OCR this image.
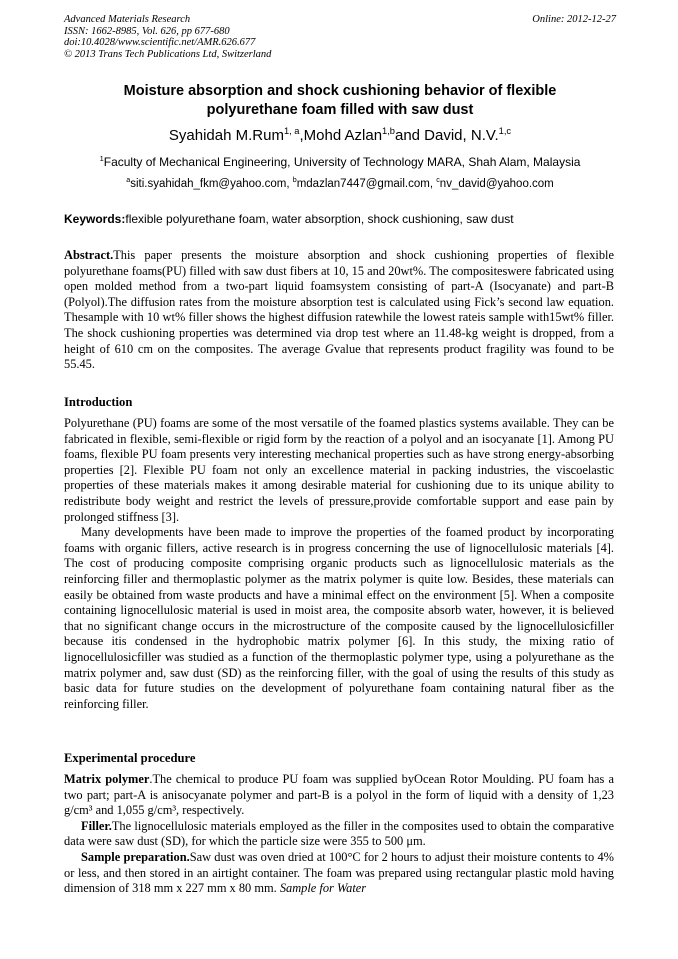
Advanced Materials Research
ISSN: 1662-8985, Vol. 626, pp 677-680
doi:10.4028/www.scientific.net/AMR.626.677
© 2013 Trans Tech Publications Ltd, Switzerland
Online: 2012-12-27
Moisture absorption and shock cushioning behavior of flexible
polyurethane foam filled with saw dust
Syahidah M.Rum$^{1, a}$,Mohd Azlan$^{1,b}$and David, N.V.$^{1,c}$
$^1$Faculty of Mechanical Engineering, University of Technology MARA, Shah Alam, Malaysia
$^a$siti.syahidah_fkm@yahoo.com, $^b$mdazlan7447@gmail.com, $^c$nv_david@yahoo.com
Keywords:flexible polyurethane foam, water absorption, shock cushioning, saw dust

Abstract.This paper presents the moisture absorption and shock cushioning properties of flexible polyurethane foams(PU) filled with saw dust fibers at 10, 15 and 20wt%. The compositeswere fabricated using open molded method from a two-part liquid foamsystem consisting of part-A (Isocyanate) and part-B (Polyol).The diffusion rates from the moisture absorption test is calculated using Fick’s second law equation. Thesample with 10 wt% filler shows the highest diffusion ratewhile the lowest rateis sample with15wt% filler. The shock cushioning properties was determined via drop test where an 11.48-kg weight is dropped, from a height of 610 cm on the composites. The average Gvalue that represents product fragility was found to be 55.45.

Introduction

Polyurethane (PU) foams are some of the most versatile of the foamed plastics systems available. They can be fabricated in flexible, semi-flexible or rigid form by the reaction of a polyol and an isocyanate [1]. Among PU foams, flexible PU foam presents very interesting mechanical properties such as have strong energy-absorbing properties [2]. Flexible PU foam not only an excellence material in packing industries, the viscoelastic properties of these materials makes it among desirable material for cushioning due to its unique ability to redistribute body weight and restrict the levels of pressure,provide comfortable support and ease pain by prolonged stiffness [3].

Many developments have been made to improve the properties of the foamed product by incorporating foams with organic fillers, active research is in progress concerning the use of lignocellulosic materials [4]. The cost of producing composite comprising organic products such as lignocellulosic materials as the reinforcing filler and thermoplastic polymer as the matrix polymer is quite low. Besides, these materials can easily be obtained from waste products and have a minimal effect on the environment [5]. When a composite containing lignocellulosic material is used in moist area, the composite absorb water, however, it is believed that no significant change occurs in the microstructure of the composite caused by the lignocellulosicfiller because itis condensed in the hydrophobic matrix polymer [6]. In this study, the mixing ratio of lignocellulosicfiller was studied as a function of the thermoplastic polymer type, using a polyurethane as the matrix polymer and, saw dust (SD) as the reinforcing filler, with the goal of using the results of this study as basic data for future studies on the development of polyurethane foam containing natural fiber as the reinforcing filler.

Experimental procedure

Matrix polymer.The chemical to produce PU foam was supplied byOcean Rotor Moulding. PU foam has a two part; part-A is anisocyanate polymer and part-B is a polyol in the form of liquid with a density of 1,23 g/cm³ and 1,055 g/cm³, respectively.

Filler.The lignocellulosic materials employed as the filler in the composites used to obtain the comparative data were saw dust (SD), for which the particle size were 355 to 500 μm.

Sample preparation.Saw dust was oven dried at 100°C for 2 hours to adjust their moisture contents to 4% or less, and then stored in an airtight container. The foam was prepared using rectangular plastic mold having dimension of 318 mm x 227 mm x 80 mm. Sample for Water
